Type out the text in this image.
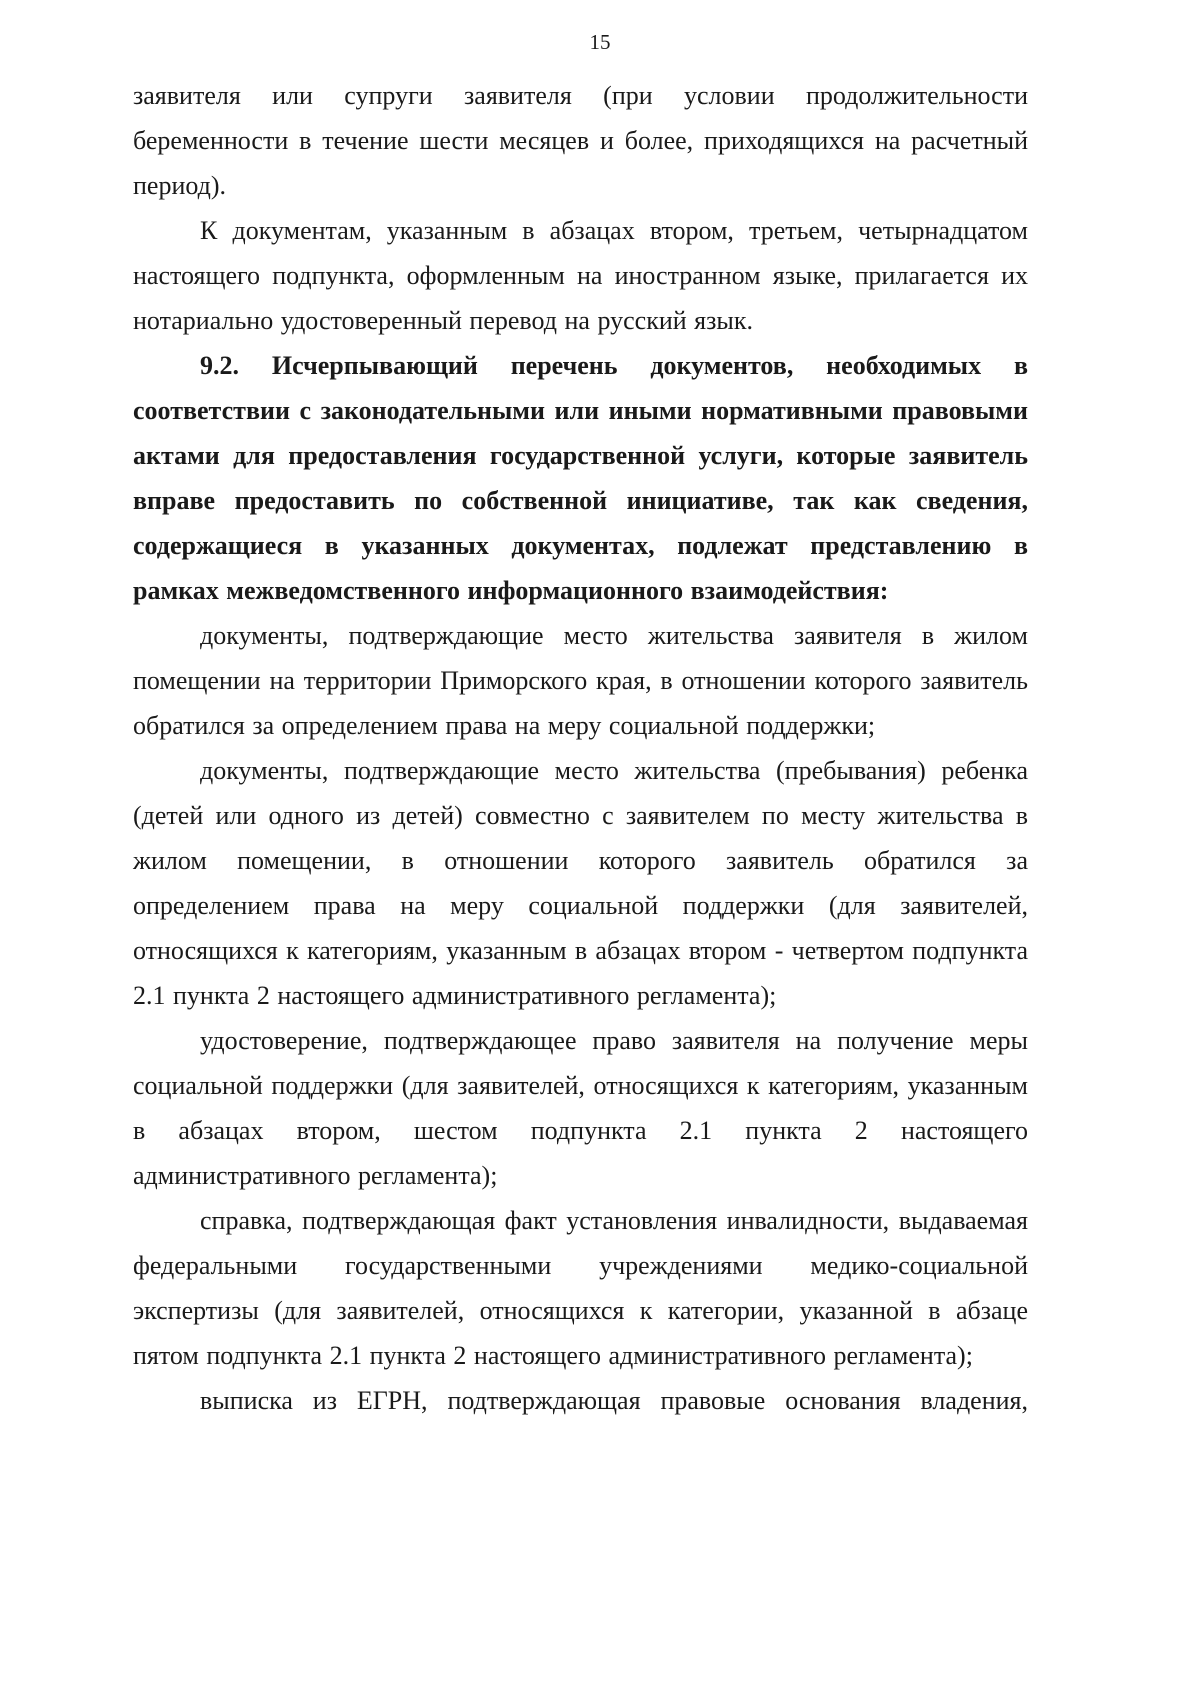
15

заявителя или супруги заявителя (при условии продолжительности беременности в течение шести месяцев и более, приходящихся на расчетный период).

К документам, указанным в абзацах втором, третьем, четырнадцатом настоящего подпункта, оформленным на иностранном языке, прилагается их нотариально удостоверенный перевод на русский язык.

9.2. Исчерпывающий перечень документов, необходимых в соответствии с законодательными или иными нормативными правовыми актами для предоставления государственной услуги, которые заявитель вправе предоставить по собственной инициативе, так как сведения, содержащиеся в указанных документах, подлежат представлению в рамках межведомственного информационного взаимодействия:

документы, подтверждающие место жительства заявителя в жилом помещении на территории Приморского края, в отношении которого заявитель обратился за определением права на меру социальной поддержки;

документы, подтверждающие место жительства (пребывания) ребенка (детей или одного из детей) совместно с заявителем по месту жительства в жилом помещении, в отношении которого заявитель обратился за определением права на меру социальной поддержки (для заявителей, относящихся к категориям, указанным в абзацах втором - четвертом подпункта 2.1 пункта 2 настоящего административного регламента);

удостоверение, подтверждающее право заявителя на получение меры социальной поддержки (для заявителей, относящихся к категориям, указанным в абзацах втором, шестом подпункта 2.1 пункта 2 настоящего административного регламента);

справка, подтверждающая факт установления инвалидности, выдаваемая федеральными государственными учреждениями медико-социальной экспертизы (для заявителей, относящихся к категории, указанной в абзаце пятом подпункта 2.1 пункта 2 настоящего административного регламента);

выписка из ЕГРН, подтверждающая правовые основания владения,
